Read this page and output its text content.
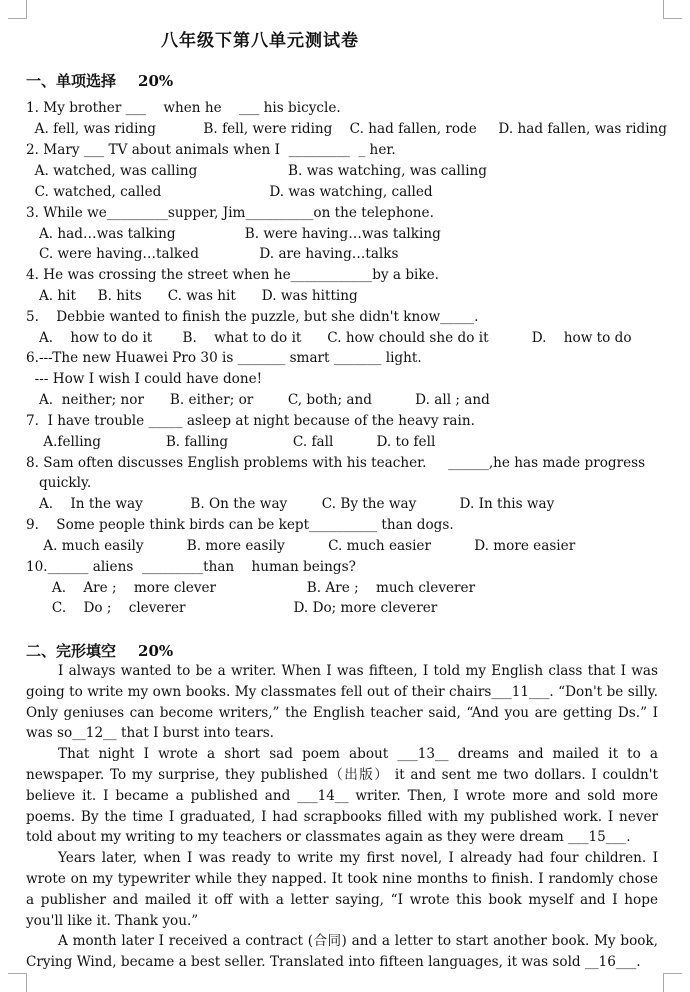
八年级下第八单元测试卷
一、单项选择 20%
1. My brother ___    when he    ___ his bicycle.
A. fell, was riding           B. fell, were riding    C. had fallen, rode     D. had fallen, was riding
2. Mary ___ TV about animals when I  _________  _ her.
A. watched, was calling                     B. was watching, was calling
C. watched, called                         D. was watching, called
3. While we_________supper, Jim__________on the telephone.
A. had…was talking                B. were having…was talking
C. were having…talked              D. are having…talks
4. He was crossing the street when he____________by a bike.
A. hit     B. hits      C. was hit      D. was hitting
5.    Debbie wanted to finish the puzzle, but she didn't know_____.
A.    how to do it       B.    what to do it      C. how chould she do it          D.    how to do
6.---The new Huawei Pro 30 is _______ smart _______ light.
--- How I wish I could have done!
A.  neither; nor      B. either; or        C, both; and          D. all ; and
7.  I have trouble _____ asleep at night because of the heavy rain.
A.felling               B. falling               C. fall          D. to fell
8. Sam often discusses English problems with his teacher.     ______,he has made progress
quickly.
A.    In the way           B. On the way        C. By the way          D. In this way
9.    Some people think birds can be kept__________ than dogs.
A. much easily          B. more easily          C. much easier          D. more easier
10.______ aliens  _________than    human beings?
A.    Are ;    more clever                     B. Are ;    much cleverer
C.    Do ;    cleverer                         D. Do; more cleverer
二、完形填空 20%

I always wanted to be a writer. When I was fifteen, I told my English class that I was going to write my own books. My classmates fell out of their chairs___11___. “Don't be silly. Only geniuses can become writers,” the English teacher said, “And you are getting Ds.” I was so__12__ that I burst into tears.

That night I wrote a short sad poem about ___13__ dreams and mailed it to a newspaper. To my surprise, they published（出版） it and sent me two dollars. I couldn't believe it. I became a published and ___14__ writer. Then, I wrote more and sold more poems. By the time I graduated, I had scrapbooks filled with my published work. I never told about my writing to my teachers or classmates again as they were dream ___15___.

Years later, when I was ready to write my first novel, I already had four children. I wrote on my typewriter while they napped. It took nine months to finish. I randomly chose a publisher and mailed it off with a letter saying, “I wrote this book myself and I hope you'll like it. Thank you.”

A month later I received a contract (合同) and a letter to start another book. My book, Crying Wind, became a best seller. Translated into fifteen languages, it was sold __16___.
